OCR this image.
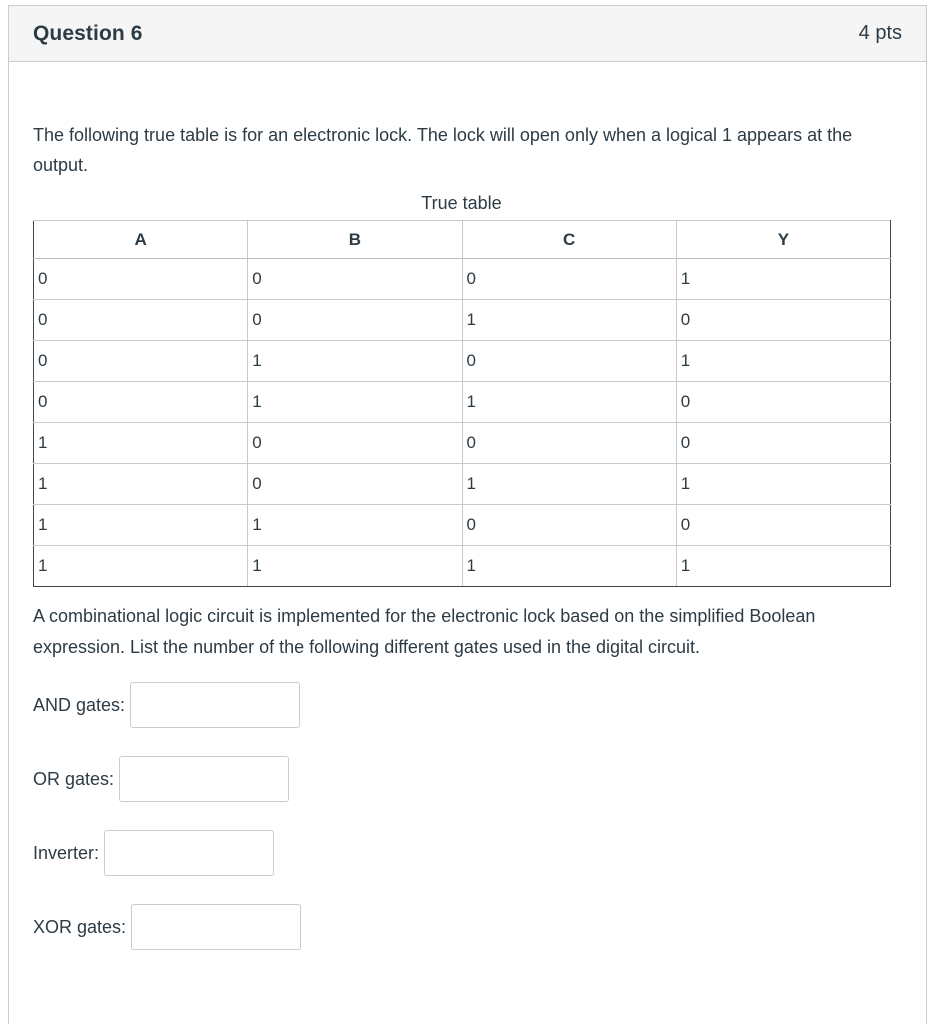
Question 6	4 pts

The following true table is for an electronic lock. The lock will open only when a logical 1 appears at the output.

True table
A	B	C	Y
0	0	0	1
0	0	1	0
0	1	0	1
0	1	1	0
1	0	0	0
1	0	1	1
1	1	0	0
1	1	1	1

A combinational logic circuit is implemented for the electronic lock based on the simplified Boolean expression. List the number of the following different gates used in the digital circuit.

AND gates:
OR gates:
Inverter:
XOR gates:
